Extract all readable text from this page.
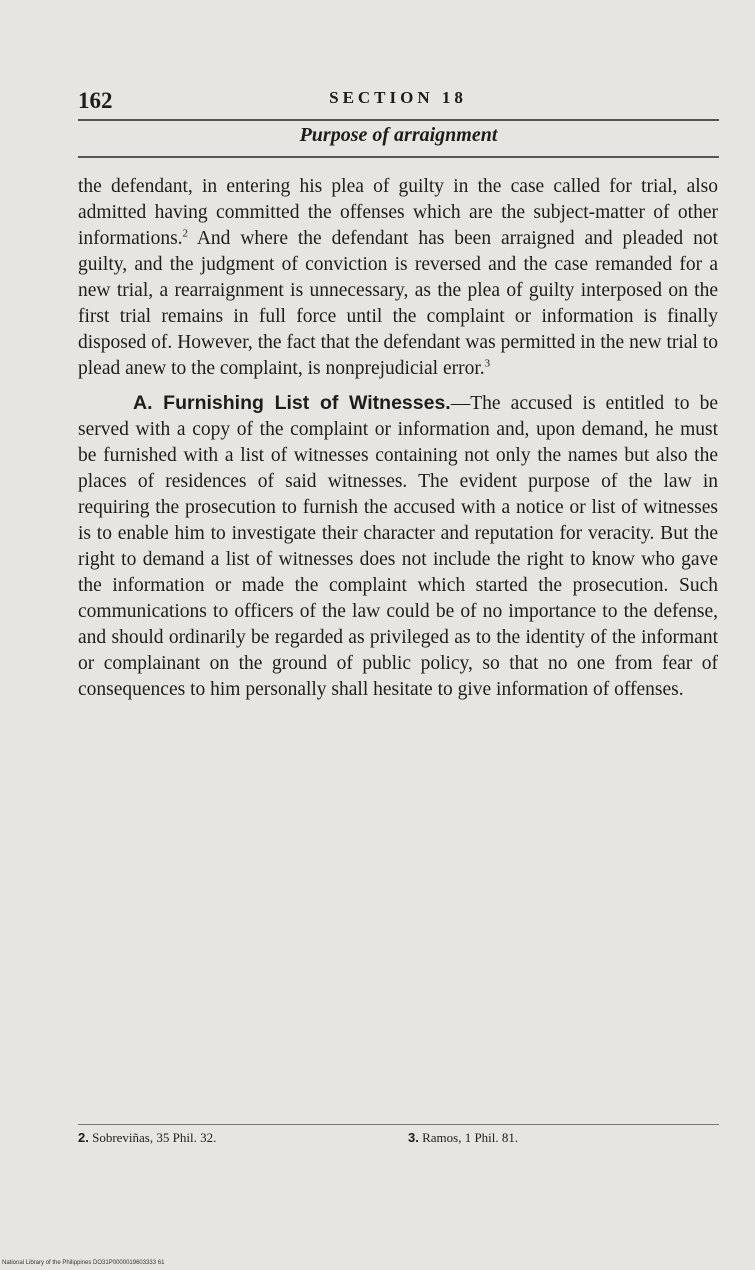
162	SECTION 18
Purpose of arraignment

the defendant, in entering his plea of guilty in the case called for trial, also admitted having committed the offenses which are the subject-matter of other informations.$^2$ And where the defendant has been arraigned and pleaded not guilty, and the judgment of conviction is reversed and the case remanded for a new trial, a rearraignment is unnecessary, as the plea of guilty interposed on the first trial remains in full force until the complaint or information is finally disposed of. However, the fact that the defendant was permitted in the new trial to plead anew to the complaint, is nonprejudicial error.$^3$

A. Furnishing List of Witnesses.—The accused is entitled to be served with a copy of the complaint or information and, upon demand, he must be furnished with a list of witnesses containing not only the names but also the places of residences of said witnesses. The evident purpose of the law in requiring the prosecution to furnish the accused with a notice or list of witnesses is to enable him to investigate their character and reputation for veracity. But the right to demand a list of witnesses does not include the right to know who gave the information or made the complaint which started the prosecution. Such communications to officers of the law could be of no importance to the defense, and should ordinarily be regarded as privileged as to the identity of the informant or complainant on the ground of public policy, so that no one from fear of consequences to him personally shall hesitate to give information of offenses.

2. Sobreviñas, 35 Phil. 32.	3. Ramos, 1 Phil. 81.
National Library of the Philippines DO31P0000019603333 61
